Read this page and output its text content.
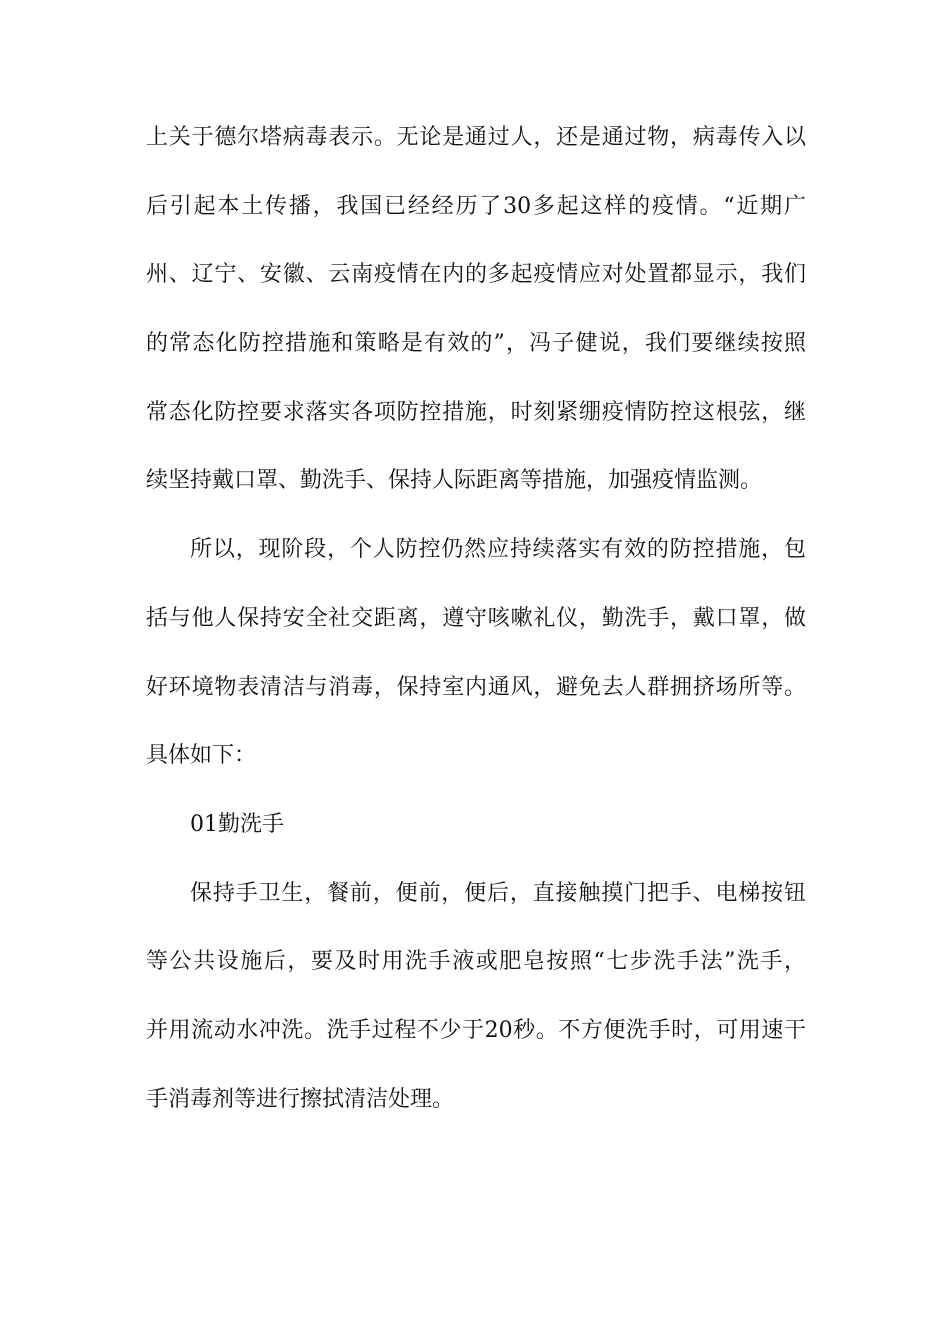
上关于德尔塔病毒表示。无论是通过人，还是通过物，病毒传入以
后引起本土传播，我国已经经历了30多起这样的疫情。“近期广
州、辽宁、安徽、云南疫情在内的多起疫情应对处置都显示，我们
的常态化防控措施和策略是有效的”，冯子健说，我们要继续按照
常态化防控要求落实各项防控措施，时刻紧绷疫情防控这根弦，继
续坚持戴口罩、勤洗手、保持人际距离等措施，加强疫情监测。
所以，现阶段，个人防控仍然应持续落实有效的防控措施，包
括与他人保持安全社交距离，遵守咳嗽礼仪，勤洗手，戴口罩，做
好环境物表清洁与消毒，保持室内通风，避免去人群拥挤场所等。
具体如下：
01勤洗手
保持手卫生，餐前，便前，便后，直接触摸门把手、电梯按钮
等公共设施后，要及时用洗手液或肥皂按照“七步洗手法”洗手，
并用流动水冲洗。洗手过程不少于20秒。不方便洗手时，可用速干
手消毒剂等进行擦拭清洁处理。
